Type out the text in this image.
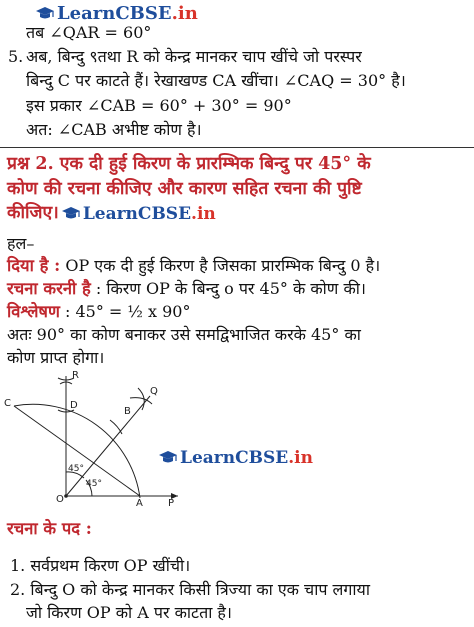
LearnCBSE .in
तब ∠QAR = 60°
5. अब, बिन्दु ९तथा R को केन्द्र मानकर चाप खींचे जो परस्पर
बिन्दु C पर काटते हैं। रेखाखण्ड CA खींचा। ∠CAQ = 30° है।
इस प्रकार ∠CAB = 60° + 30° = 90°
अत: ∠CAB अभीष्ट कोण है।
प्रश्न 2. एक दी हुई किरण के प्रारम्भिक बिन्दु पर 45° के
कोण की रचना कीजिए और कारण सहित रचना की पुष्टि
कीजिए। LearnCBSE .in
हल–
दिया है : OP एक दी हुई किरण है जिसका प्रारम्भिक बिन्दु 0 है।
रचना करनी है : किरण OP के बिन्दु o पर 45° के कोण की।
विश्लेषण : 45° = ½ x 90°
अतः 90° का कोण बनाकर उसे समद्विभाजित करके 45° का
कोण प्राप्त होगा।
R
D
C
B
Q
O	A	P
45°
45°
LearnCBSE .in
रचना के पद :
1. सर्वप्रथम किरण OP खींची।
2. बिन्दु O को केन्द्र मानकर किसी त्रिज्या का एक चाप लगाया
जो किरण OP को A पर काटता है।
